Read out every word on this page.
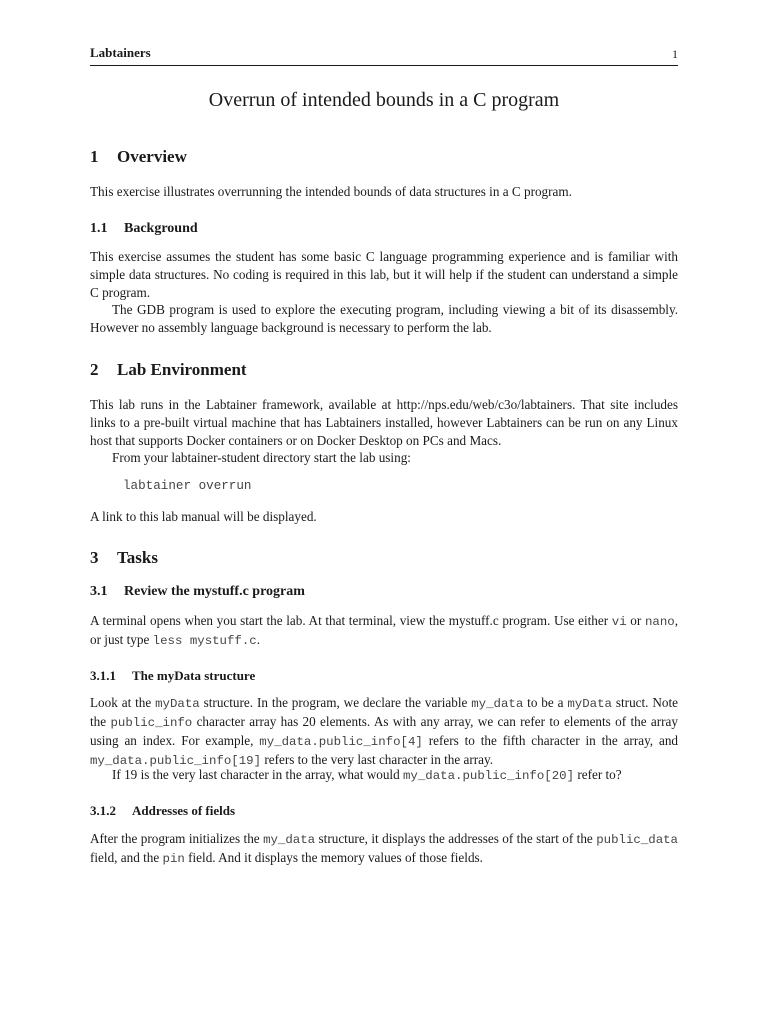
Labtainers	1
Overrun of intended bounds in a C program
1 Overview
This exercise illustrates overrunning the intended bounds of data structures in a C program.
1.1 Background
This exercise assumes the student has some basic C language programming experience and is familiar with simple data structures. No coding is required in this lab, but it will help if the student can understand a simple C program.
The GDB program is used to explore the executing program, including viewing a bit of its disassembly. However no assembly language background is necessary to perform the lab.
2 Lab Environment
This lab runs in the Labtainer framework, available at http://nps.edu/web/c3o/labtainers. That site includes links to a pre-built virtual machine that has Labtainers installed, however Labtainers can be run on any Linux host that supports Docker containers or on Docker Desktop on PCs and Macs.
From your labtainer-student directory start the lab using:
labtainer overrun
A link to this lab manual will be displayed.
3 Tasks
3.1 Review the mystuff.c program
A terminal opens when you start the lab. At that terminal, view the mystuff.c program. Use either vi or nano, or just type less mystuff.c.
3.1.1 The myData structure
Look at the myData structure. In the program, we declare the variable my_data to be a myData struct. Note the public_info character array has 20 elements. As with any array, we can refer to elements of the array using an index. For example, my_data.public_info[4] refers to the fifth character in the array, and my_data.public_info[19] refers to the very last character in the array.
If 19 is the very last character in the array, what would my_data.public_info[20] refer to?
3.1.2 Addresses of fields
After the program initializes the my_data structure, it displays the addresses of the start of the public_data field, and the pin field. And it displays the memory values of those fields.
